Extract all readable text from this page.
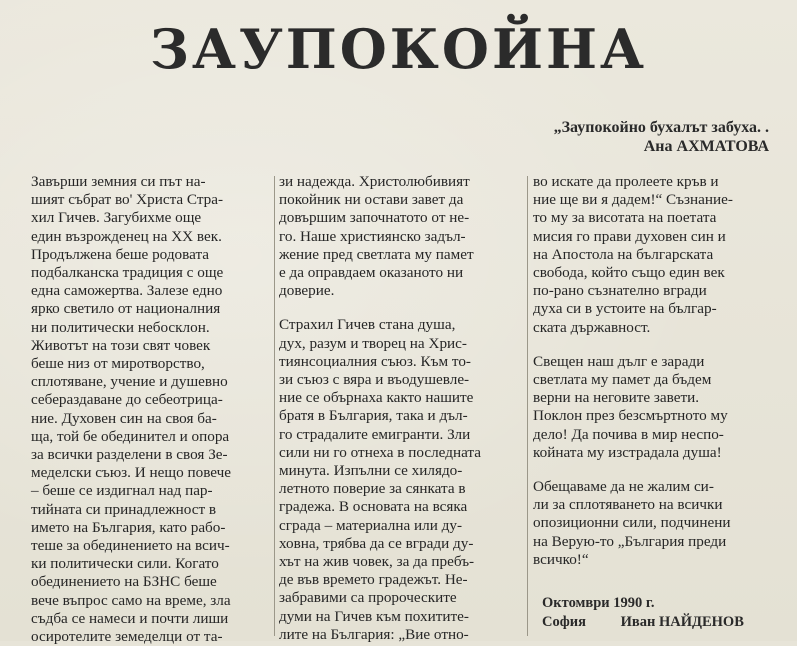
ЗАУПОКОЙНА
„Заупокойно бухалът забуха. .
Ана АХМАТОВА
Завърши земния си път на-
шият събрат во' Христа Стра-
хил Гичев. Загубихме още
един възрожденец на XX век.
Продължена беше родовата
подбалканска традиция с още
една саможертва. Залезе едно
ярко светило от националния
ни политически небосклон.
Животът на този свят човек
беше низ от миротворство,
сплотяване, учение и душевно
себераздаване до себеотрица-
ние. Духовен син на своя ба-
ща, той бе обединител и опора
за всички разделени в своя Зе-
меделски съюз. И нещо повече
– беше се издигнал над пар-
тийната си принадлежност в
името на България, като рабо-
теше за обединението на всич-
ки политически сили. Когато
обединението на БЗНС беше
вече въпрос само на време, зла
съдба се намеси и почти лиши
осиротелите земеделци от та-
зи надежда. Христолюбивият
покойник ни остави завет да
довършим започнатото от не-
го. Наше християнско задъл-
жение пред светлата му памет
е да оправдаем оказаното ни
доверие.
Страхил Гичев стана душа,
дух, разум и творец на Хрис-
тиянсоциалния съюз. Към то-
зи съюз с вяра и въодушевле-
ние се обърнаха както нашите
братя в България, така и дъл-
го страдалите емигранти. Зли
сили ни го отнеха в последната
минута. Изпълни се хилядо-
летното поверие за сянката в
градежа. В основата на всяка
сграда – материална или ду-
ховна, трябва да се вгради ду-
хът на жив човек, за да пребъ-
де във времето градежът. Не-
забравими са пророческите
думи на Гичев към похитите-
лите на България: „Вие отно-
во искате да пролеете кръв и
ние ще ви я дадем!“ Съзнание-
то му за висотата на поетата
мисия го прави духовен син и
на Апостола на българската
свобода, който също един век
по-рано съзнателно вгради
духа си в устоите на българ-
ската държавност.
Свещен наш дълг е заради
светлата му памет да бъдем
верни на неговите завети.
Поклон през безсмъртното му
дело! Да почива в мир неспо-
койната му изстрадала душа!
Обещаваме да не жалим си-
ли за сплотяването на всички
опозиционни сили, подчинени
на Верую-то „България преди
всичко!“
Октомври 1990 г.
София Иван НАЙДЕНОВ
